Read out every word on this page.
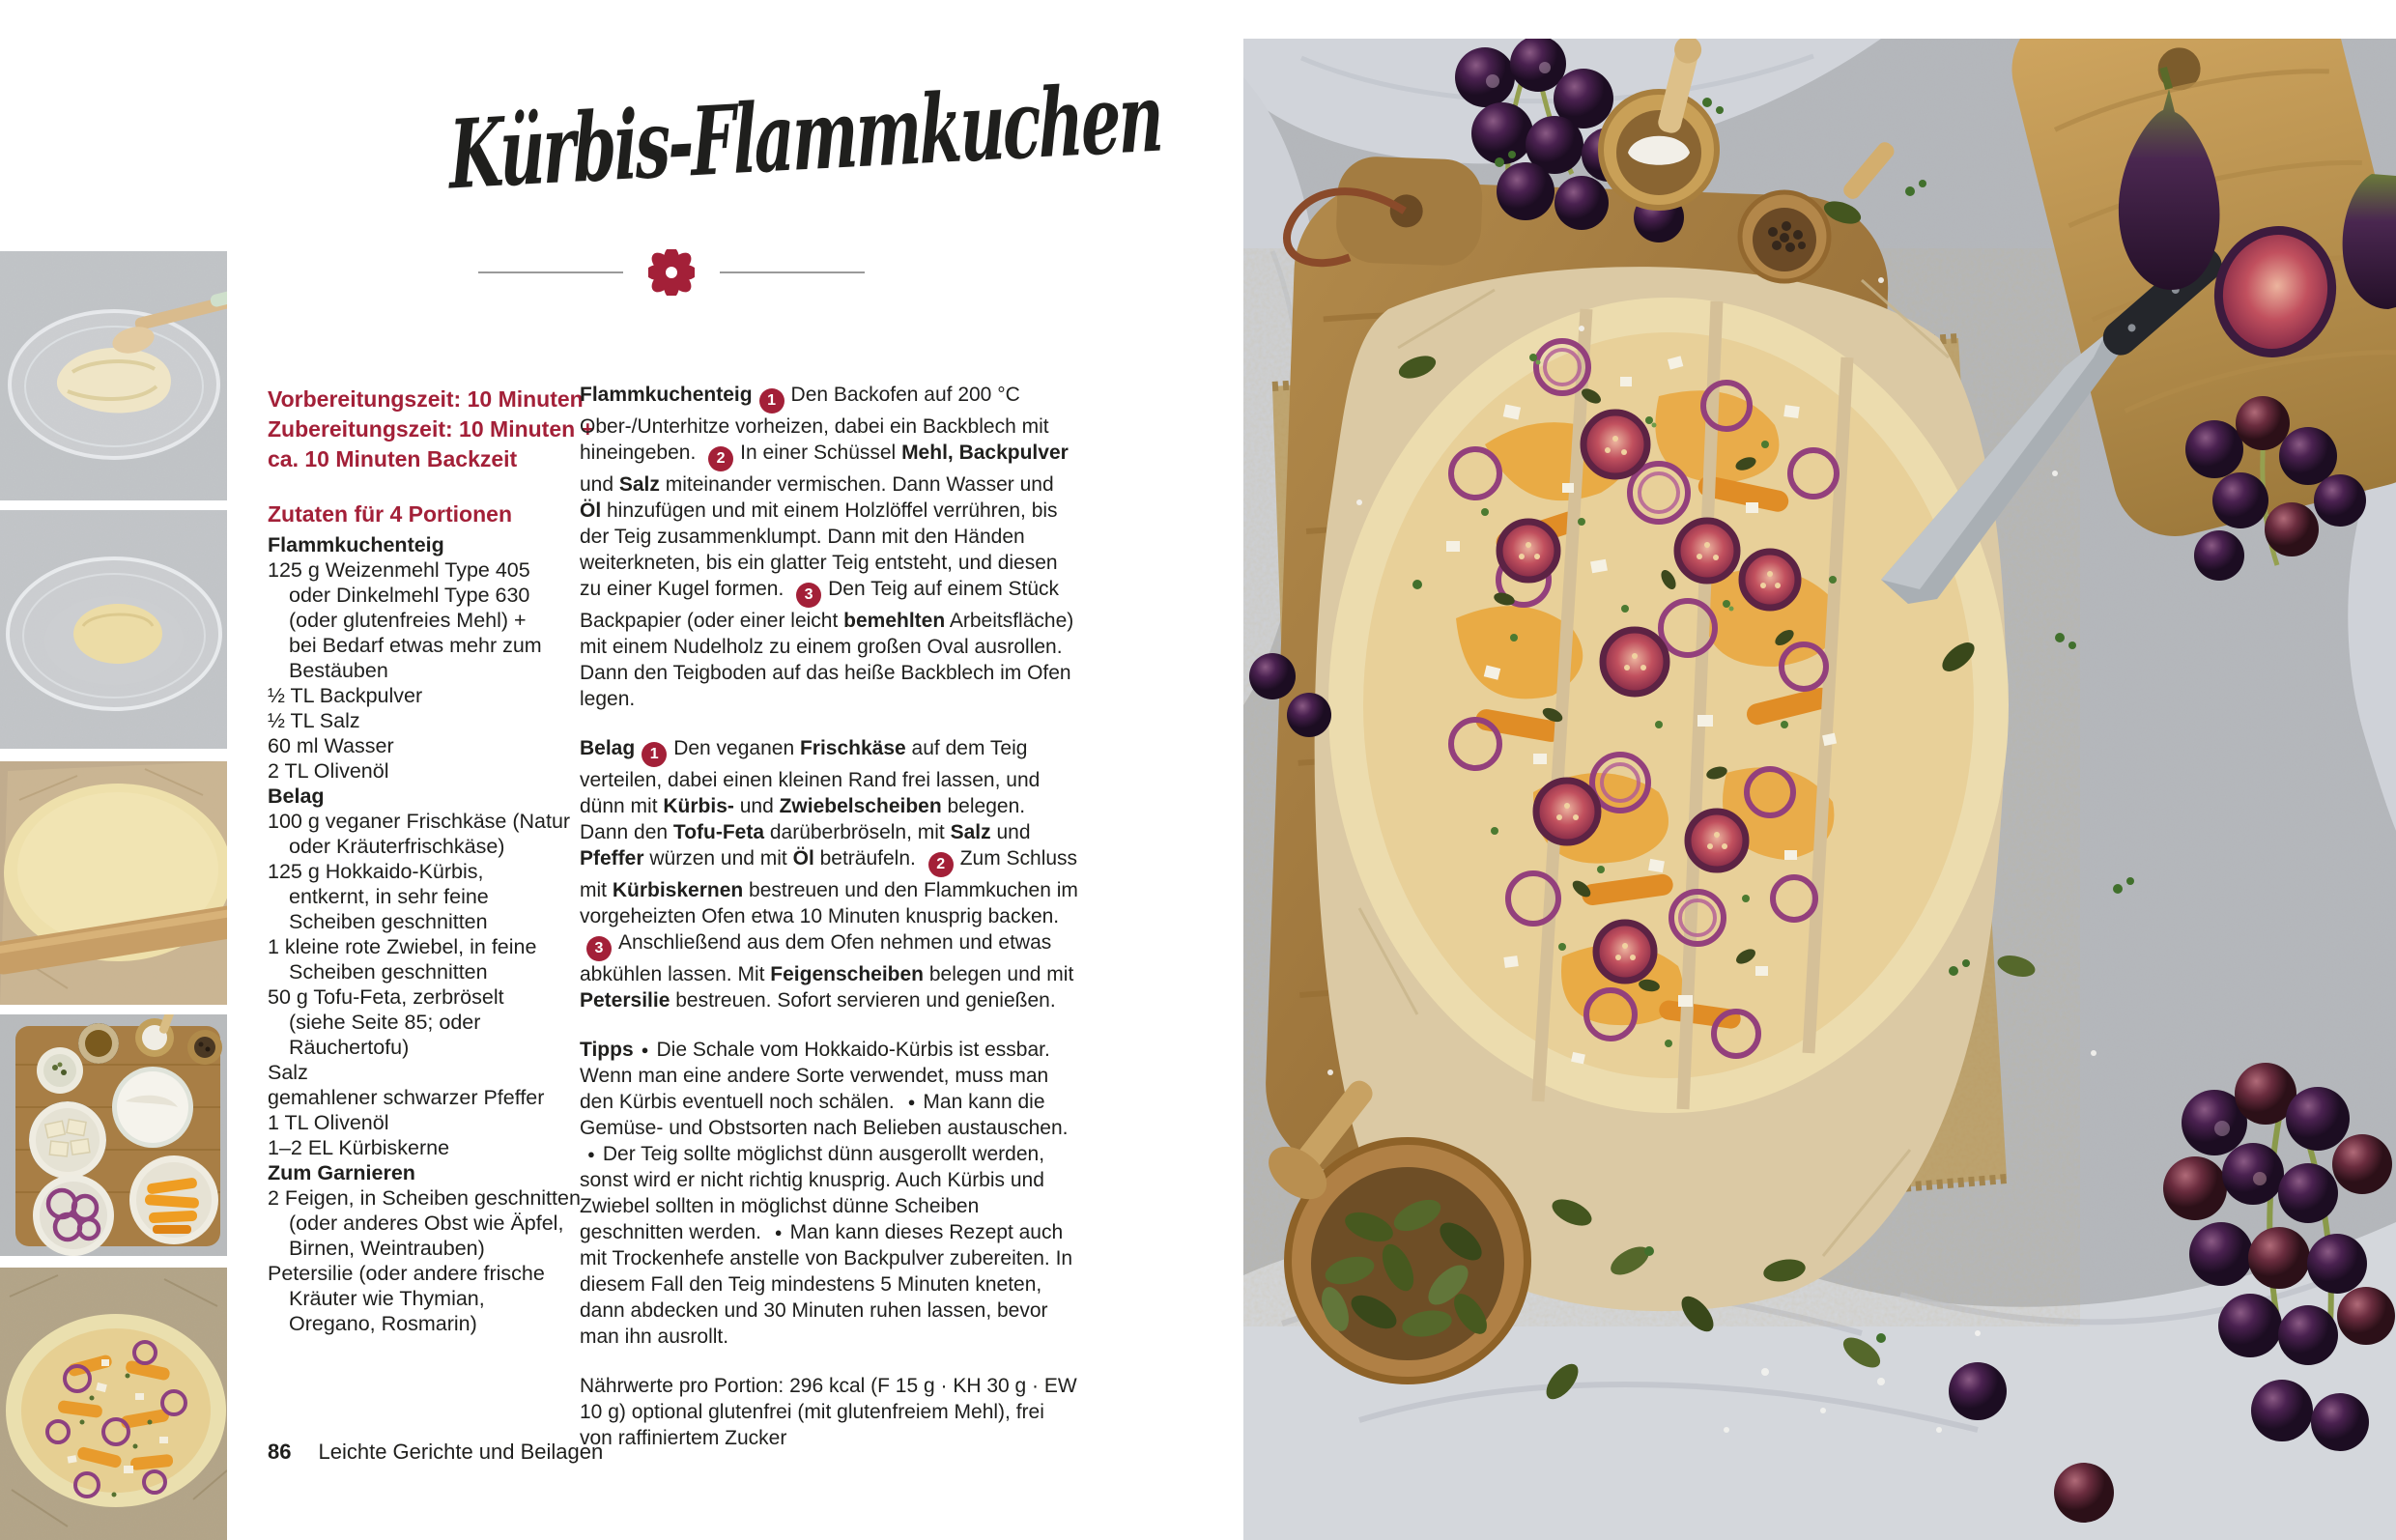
Kürbis-Flammkuchen
Vorbereitungszeit: 10 Minuten
Zubereitungszeit: 10 Minuten +
ca. 10 Minuten Backzeit
Zutaten für 4 Portionen
Flammkuchenteig
125 g Weizenmehl Type 405
oder Dinkelmehl Type 630
(oder glutenfreies Mehl) +
bei Bedarf etwas mehr zum
Bestäuben
½ TL Backpulver
½ TL Salz
60 ml Wasser
2 TL Olivenöl
Belag
100 g veganer Frischkäse (Natur
oder Kräuterfrischkäse)
125 g Hokkaido-Kürbis,
entkernt, in sehr feine
Scheiben geschnitten
1 kleine rote Zwiebel, in feine
Scheiben geschnitten
50 g Tofu-Feta, zerbröselt
(siehe Seite 85; oder
Räuchertofu)
Salz
gemahlener schwarzer Pfeffer
1 TL Olivenöl
1–2 EL Kürbiskerne
Zum Garnieren
2 Feigen, in Scheiben geschnitten
(oder anderes Obst wie Äpfel,
Birnen, Weintrauben)
Petersilie (oder andere frische
Kräuter wie Thymian,
Oregano, Rosmarin)

Flammkuchenteig 1 Den Backofen auf 200 °C Ober-/Unterhitze vorheizen, dabei ein Backblech mit hineingeben. 2 In einer Schüssel Mehl, Backpulver und Salz miteinander vermischen. Dann Wasser und Öl hinzufügen und mit einem Holzlöffel verrühren, bis der Teig zusammenklumpt. Dann mit den Händen weiterkneten, bis ein glatter Teig entsteht, und diesen zu einer Kugel formen. 3 Den Teig auf einem Stück Backpapier (oder einer leicht bemehlten Arbeitsfläche) mit einem Nudelholz zu einem großen Oval ausrollen. Dann den Teigboden auf das heiße Backblech im Ofen legen.

Belag 1 Den veganen Frischkäse auf dem Teig verteilen, dabei einen kleinen Rand frei lassen, und dünn mit Kürbis- und Zwiebelscheiben belegen. Dann den Tofu-Feta darüberbröseln, mit Salz und Pfeffer würzen und mit Öl beträufeln. 2 Zum Schluss mit Kürbiskernen bestreuen und den Flammkuchen im vorgeheizten Ofen etwa 10 Minuten knusprig backen. 3 Anschließend aus dem Ofen nehmen und etwas abkühlen lassen. Mit Feigenscheiben belegen und mit Petersilie bestreuen. Sofort servieren und genießen.

Tipps ● Die Schale vom Hokkaido-Kürbis ist essbar. Wenn man eine andere Sorte verwendet, muss man den Kürbis eventuell noch schälen. ● Man kann die Gemüse- und Obstsorten nach Belieben austauschen. ● Der Teig sollte möglichst dünn ausgerollt werden, sonst wird er nicht richtig knusprig. Auch Kürbis und Zwiebel sollten in möglichst dünne Scheiben geschnitten werden. ● Man kann dieses Rezept auch mit Trockenhefe anstelle von Backpulver zubereiten. In diesem Fall den Teig mindestens 5 Minuten kneten, dann abdecken und 30 Minuten ruhen lassen, bevor man ihn ausrollt.

Nährwerte pro Portion: 296 kcal (F 15 g · KH 30 g · EW 10 g) optional glutenfrei (mit glutenfreiem Mehl), frei von raffiniertem Zucker

86 Leichte Gerichte und Beilagen
